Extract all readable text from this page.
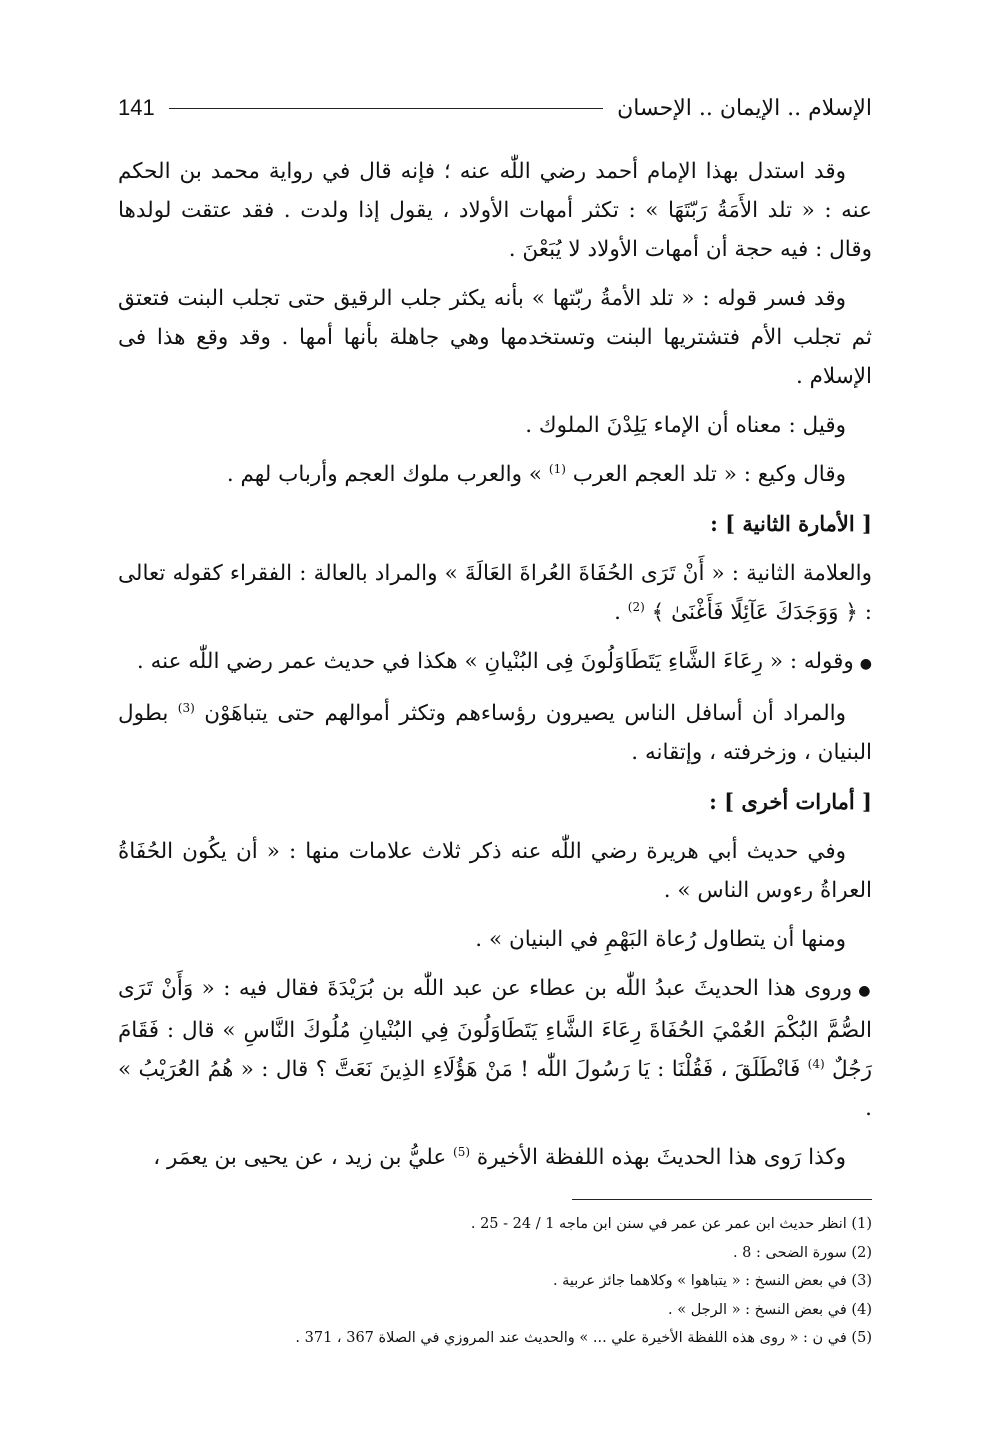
الإسلام .. الإيمان .. الإحسان
141

وقد استدل بهذا الإمام أحمد رضي اللّٰه عنه ؛ فإنه قال في رواية محمد بن الحكم عنه : « تلد الأَمَةُ رَبّتَهَا » : تكثر أمهات الأولاد ، يقول إذا ولدت . فقد عتقت لولدها وقال : فيه حجة أن أمهات الأولاد لا يُبَعْنَ .

وقد فسر قوله : « تلد الأمةُ ربّتها » بأنه يكثر جلب الرقيق حتى تجلب البنت فتعتق ثم تجلب الأم فتشتريها البنت وتستخدمها وهي جاهلة بأنها أمها . وقد وقع هذا فى الإسلام .

وقيل : معناه أن الإماء يَلِدْنَ الملوك .

وقال وكيع : « تلد العجم العرب $^{(1)}$ » والعرب ملوك العجم وأرباب لهم .

[ الأمارة الثانية ] :

والعلامة الثانية : « أَنْ تَرَى الحُفَاةَ العُراةَ العَالَةَ » والمراد بالعالة : الفقراء كقوله تعالى : ﴿ وَوَجَدَكَ عَآئِلًا فَأَغْنَىٰ ﴾ $^{(2)}$ .

●وقوله : « رِعَاءَ الشَّاءِ يَتَطَاوَلُونَ فِى البُنْيانِ » هكذا في حديث عمر رضي اللّٰه عنه .

والمراد أن أسافل الناس يصيرون رؤساءهم وتكثر أموالهم حتى يتباهَوْن $^{(3)}$ بطول البنيان ، وزخرفته ، وإتقانه .

[ أمارات أخرى ] :

وفي حديث أبي هريرة رضي اللّٰه عنه ذكر ثلاث علامات منها : « أن يكُون الحُفَاةُ العراةُ رءوس الناس » .

ومنها أن يتطاول رُعاة البَهْمِ في البنيان » .

●وروى هذا الحديثَ عبدُ اللّٰه بن عطاء عن عبد اللّٰه بن بُرَيْدَةَ فقال فيه : « وَأَنْ تَرَى الصُّمَّ البُكْمَ العُمْيَ الحُفَاةَ رِعَاءَ الشَّاءِ يَتَطَاوَلُونَ فِي البُنْيانِ مُلُوكَ النَّاسِ » قال : فَقَامَ رَجُلٌ $^{(4)}$ فَانْطَلَقَ ، فَقُلْنَا : يَا رَسُولَ اللّٰه ! مَنْ هَؤُلَاءِ الذِينَ نَعَتَّ ؟ قال : « هُمُ العُرَيْبُ » .

وكذا رَوى هذا الحديثَ بهذه اللفظة الأخيرة $^{(5)}$ عليُّ بن زيد ، عن يحيى بن يعمَر ،

(1) انظر حديث ابن عمر عن عمر في سنن ابن ماجه 1 / 24 - 25 .

(2) سورة الضحى : 8 .

(3) في بعض النسخ : « يتباهوا » وكلاهما جائز عربية .

(4) في بعض النسخ : « الرجل » .

(5) في ن : « روى هذه اللفظة الأخيرة علي ... » والحديث عند المروزي في الصلاة 367 ، 371 .
